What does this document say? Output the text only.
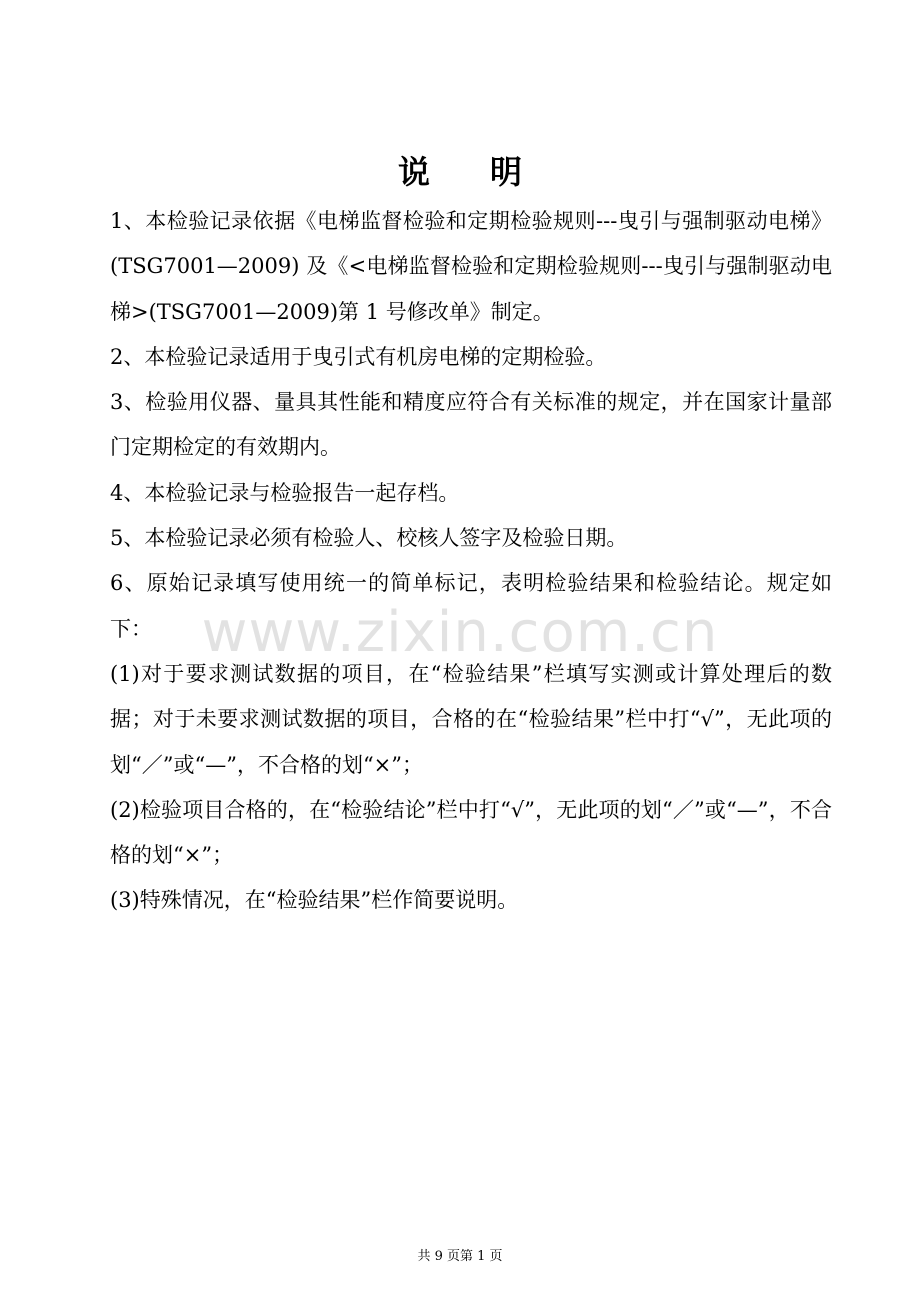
说明

1、本检验记录依据《电梯监督检验和定期检验规则---曳引与强制驱动电梯》(TSG7001—2009) 及《<电梯监督检验和定期检验规则---曳引与强制驱动电梯>(TSG7001—2009)第 1 号修改单》制定。

2、本检验记录适用于曳引式有机房电梯的定期检验。

3、检验用仪器、量具其性能和精度应符合有关标准的规定，并在国家计量部门定期检定的有效期内。

4、本检验记录与检验报告一起存档。

5、本检验记录必须有检验人、校核人签字及检验日期。

6、原始记录填写使用统一的简单标记，表明检验结果和检验结论。规定如下：

(1)对于要求测试数据的项目，在“检验结果”栏填写实测或计算处理后的数据；对于未要求测试数据的项目，合格的在“检验结果”栏中打“√”，无此项的划“／”或“—”，不合格的划“×”；

(2)检验项目合格的，在“检验结论”栏中打“√”，无此项的划“／”或“—”，不合格的划“×”；

(3)特殊情况，在“检验结果”栏作简要说明。

www.zixin.com.cn
共 9 页第 1 页
